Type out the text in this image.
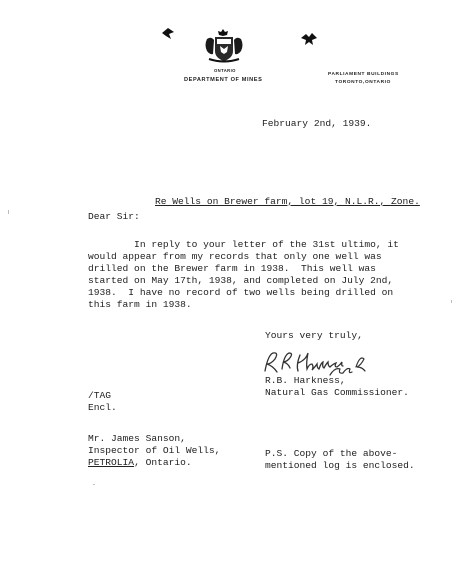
ONTARIO
DEPARTMENT OF MINES
PARLIAMENT BUILDINGS
TORONTO,ONTARIO
February 2nd, 1939.
Re Wells on Brewer farm, lot 19, N.L.R., Zone.
Dear Sir:
In reply to your letter of the 31st ultimo, it
would appear from my records that only one well was
drilled on the Brewer farm in 1938.  This well was
started on May 17th, 1938, and completed on July 2nd,
1938.  I have no record of two wells being drilled on
this farm in 1938.
Yours very truly,
R.B. Harkness,
Natural Gas Commissioner.
/TAG
Encl.
Mr. James Sanson,
Inspector of Oil Wells,
PETROLIA, Ontario.
P.S. Copy of the above-
mentioned log is enclosed.
